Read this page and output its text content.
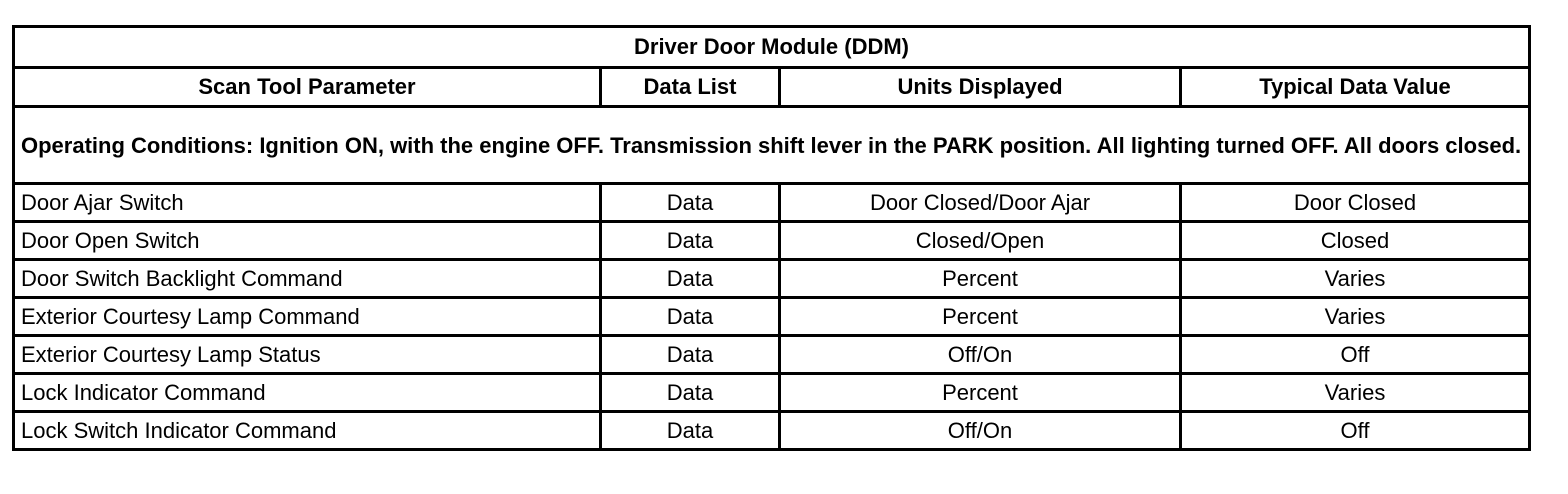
Driver Door Module (DDM)			
Scan Tool Parameter	Data List	Units Displayed	Typical Data Value
Operating Conditions: Ignition ON, with the engine OFF. Transmission shift lever in the PARK position. All lighting turned OFF. All doors closed.			
Door Ajar Switch	Data	Door Closed/Door Ajar	Door Closed
Door Open Switch	Data	Closed/Open	Closed
Door Switch Backlight Command	Data	Percent	Varies
Exterior Courtesy Lamp Command	Data	Percent	Varies
Exterior Courtesy Lamp Status	Data	Off/On	Off
Lock Indicator Command	Data	Percent	Varies
Lock Switch Indicator Command	Data	Off/On	Off
